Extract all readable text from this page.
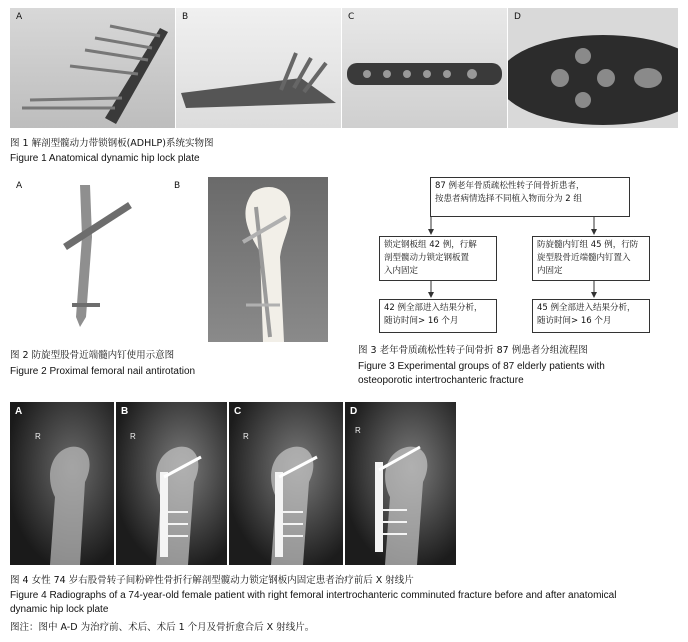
A	B	C	D
图 1 解剖型髋动力带锁钢板(ADHLP)系统实物图
Figure 1 Anatomical dynamic hip lock plate
A	B
图 2 防旋型股骨近端髓内钉使用示意图
Figure 2 Proximal femoral nail antirotation
87 例老年骨质疏松性转子间骨折患者，
按患者病情选择不同植入物而分为 2 组
锁定钢板组 42 例，行解
剖型髋动力锁定钢板置
入内固定
防旋髓内钉组 45 例，行防
旋型股骨近端髓内钉置入
内固定
42 例全部进入结果分析，
随访时间> 16 个月
45 例全部进入结果分析，
随访时间> 16 个月
图 3 老年骨质疏松性转子间骨折 87 例患者分组流程图
Figure 3 Experimental groups of 87 elderly patients with
osteoporotic intertrochanteric fracture
A
R
B
R
C
R
D
R
图 4 女性 74 岁右股骨转子间粉碎性骨折行解剖型髋动力锁定钢板内固定患者治疗前后 X 射线片
Figure 4 Radiographs of a 74-year-old female patient with right femoral intertrochanteric comminuted fracture before and after anatomical
dynamic hip lock plate
图注：图中 A-D 为治疗前、术后、术后 1 个月及骨折愈合后 X 射线片。
